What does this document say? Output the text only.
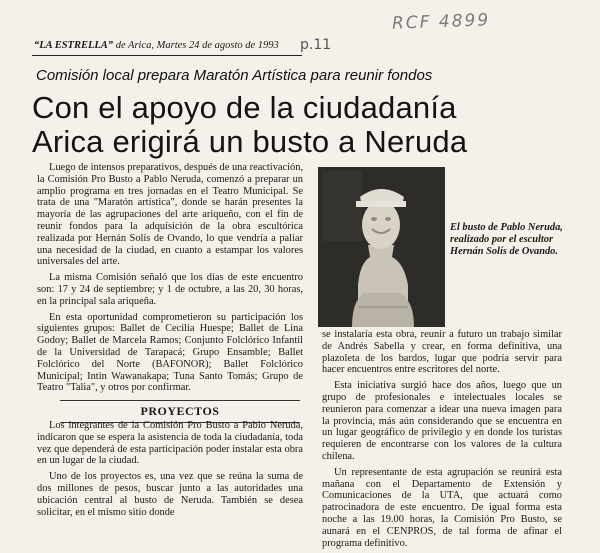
RCF 4899
p.11
“LA ESTRELLA” de Arica, Martes 24 de agosto de 1993
Comisión local prepara Maratón Artística para reunir fondos
Con el apoyo de la ciudadanía
Arica erigirá un busto a Neruda

Luego de intensos preparativos, después de una reactivación, la Comisión Pro Busto a Pablo Neruda, comenzó a preparar un amplio programa en tres jornadas en el Teatro Municipal. Se trata de una "Maratón artística", donde se harán presentes la mayoría de las agrupaciones del arte ariqueño, con el fin de reunir fondos para la adquisición de la obra escultórica realizada por Hernán Solís de Ovando, lo que vendría a paliar una necesidad de la ciudad, en cuanto a estampar los valores universales del arte.

La misma Comisión señaló que los días de este encuentro son: 17 y 24 de septiembre; y 1 de octubre, a las 20, 30 horas, en la principal sala ariqueña.

En esta oportunidad comprometieron su participación los siguientes grupos: Ballet de Cecilia Huespe; Ballet de Lina Godoy; Ballet de Marcela Ramos; Conjunto Folclórico Infantil de la Universidad de Tarapacá; Grupo Ensamble; Ballet Folclórico del Norte (BAFONOR); Ballet Folclórico Municipal; Intin Wawanakapa; Tuna Santo Tomás; Grupo de Teatro "Talia", y otros por confirmar.

PROYECTOS

Los integrantes de la Comisión Pro Busto a Pablo Neruda, indicaron que se espera la asistencia de toda la ciudadanía, toda vez que dependerá de esta participación poder instalar esta obra en un lugar de la ciudad.

Uno de los proyectos es, una vez que se reúna la suma de dos millones de pesos, buscar junto a las autoridades una ubicación central al busto de Neruda. También se desea solicitar, en el mismo sitio donde

El busto de Pablo Neruda, realizado por el escultor Hernán Solís de Ovando.

se instalaría esta obra, reunir a futuro un trabajo similar de Andrés Sabella y crear, en forma definitiva, una plazoleta de los bardos, lugar que podría servir para hacer encuentros entre escritores del norte.

Esta iniciativa surgió hace dos años, luego que un grupo de profesionales e intelectuales locales se reunieron para comenzar a idear una nueva imagen para la provincia, más aún considerando que se encuentra en un lugar geográfico de privilegio y en donde los turistas requieren de encontrarse con los valores de la cultura chilena.

Un representante de esta agrupación se reunirá esta mañana con el Departamento de Extensión y Comunicaciones de la UTA, que actuará como patrocinadora de este encuentro. De igual forma esta noche a las 19.00 horas, la Comisión Pro Busto, se aunará en el CENPROS, de tal forma de afinar el programa definitivo.
